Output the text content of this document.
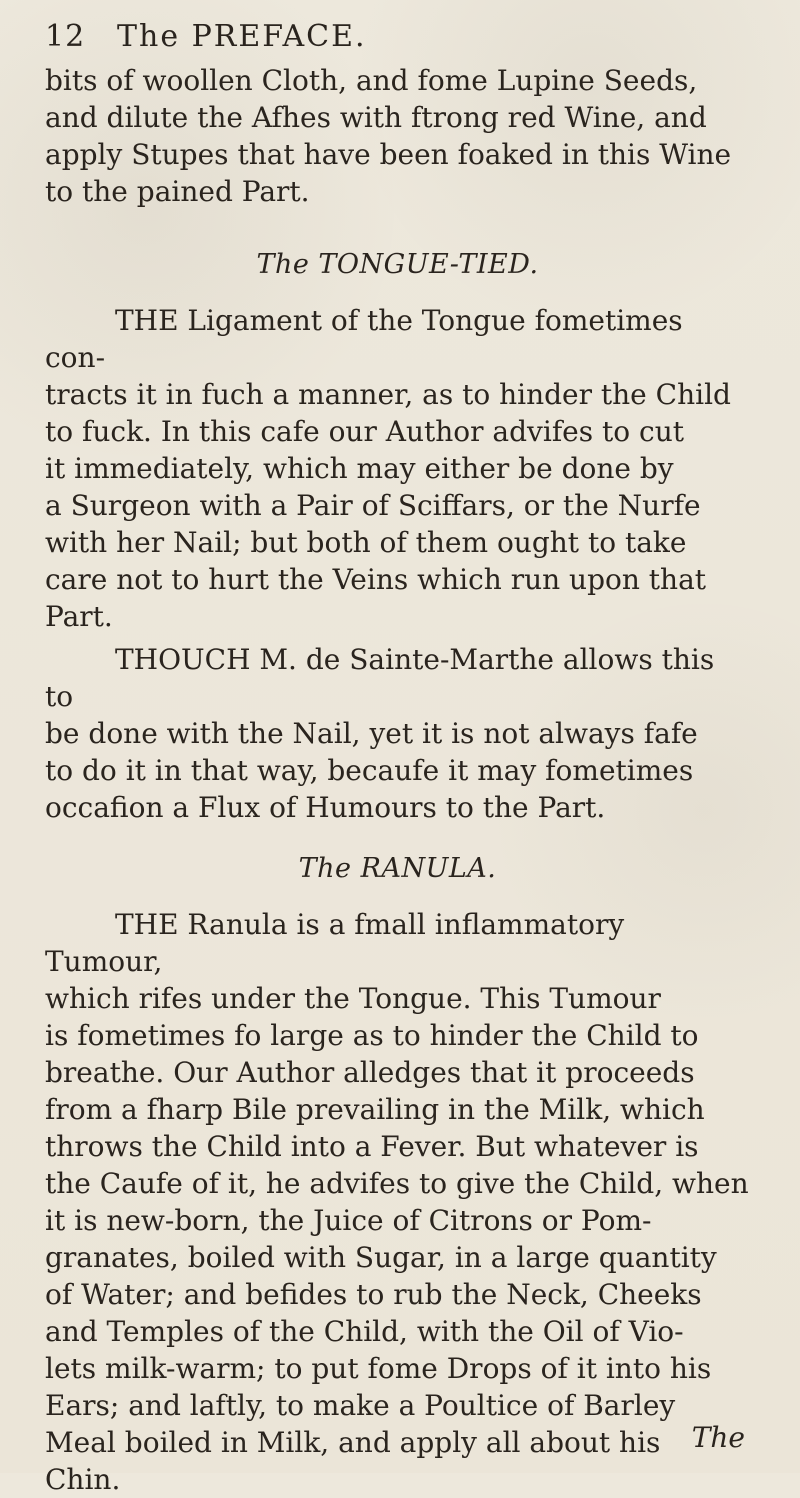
12 The PREFACE.

bits of woollen Cloth, and fome Lupine Seeds,
and dilute the Afhes with ftrong red Wine, and
apply Stupes that have been foaked in this Wine
to the pained Part.

The TONGUE-TIED.

THE Ligament of the Tongue fometimes con-
tracts it in fuch a manner, as to hinder the Child
to fuck. In this cafe our Author advifes to cut
it immediately, which may either be done by
a Surgeon with a Pair of Sciffars, or the Nurfe
with her Nail; but both of them ought to take
care not to hurt the Veins which run upon that
Part.

THOUCH M. de Sainte-Marthe allows this to
be done with the Nail, yet it is not always fafe
to do it in that way, becaufe it may fometimes
occafion a Flux of Humours to the Part.

The RANULA.

THE Ranula is a fmall inflammatory Tumour,
which rifes under the Tongue. This Tumour
is fometimes fo large as to hinder the Child to
breathe. Our Author alledges that it proceeds
from a fharp Bile prevailing in the Milk, which
throws the Child into a Fever. But whatever is
the Caufe of it, he advifes to give the Child, when
it is new-born, the Juice of Citrons or Pom-
granates, boiled with Sugar, in a large quantity
of Water; and befides to rub the Neck, Cheeks
and Temples of the Child, with the Oil of Vio-
lets milk-warm; to put fome Drops of it into his
Ears; and laftly, to make a Poultice of Barley
Meal boiled in Milk, and apply all about his
Chin.

The
